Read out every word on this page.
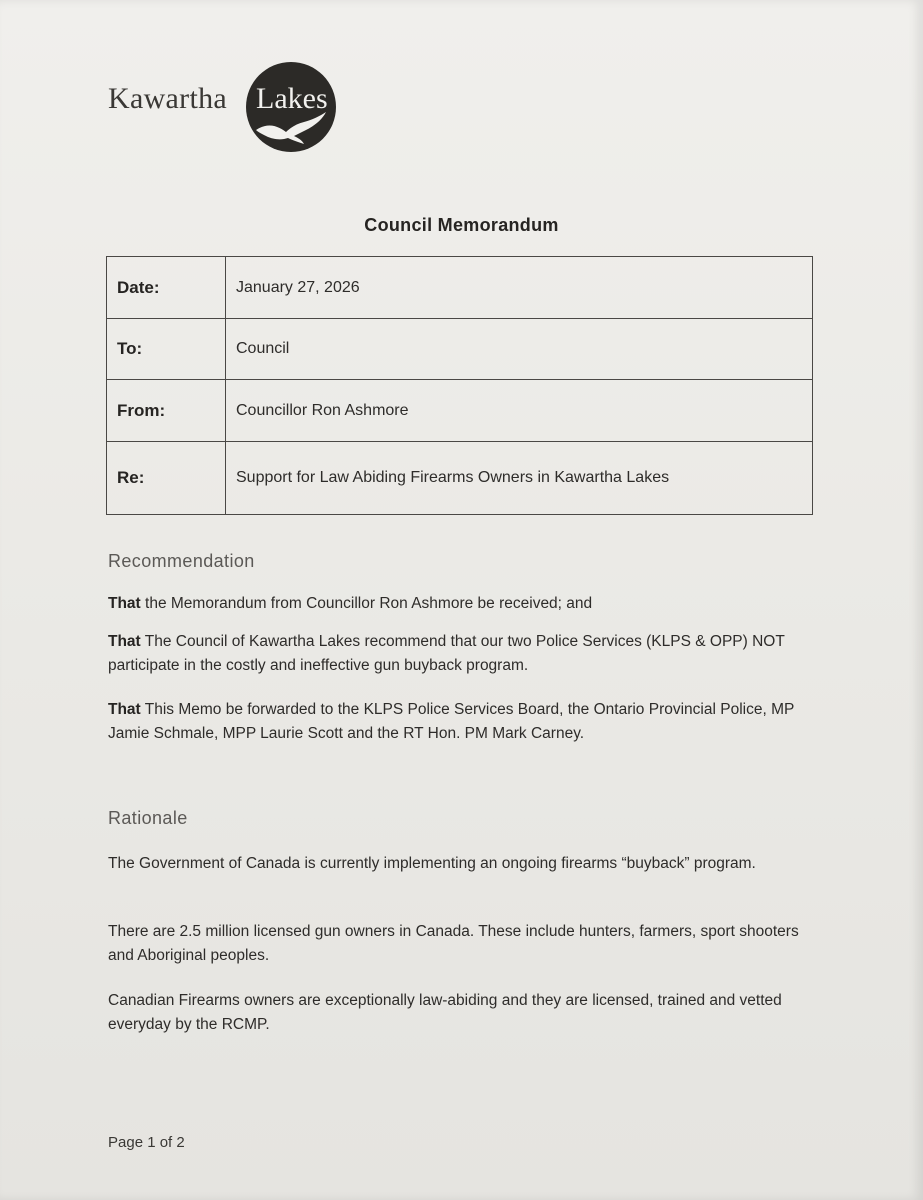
Kawartha Lakes
Council Memorandum
Date:	January 27, 2026
To:	Council
From:	Councillor Ron Ashmore
Re:	Support for Law Abiding Firearms Owners in Kawartha Lakes
Recommendation
That the Memorandum from Councillor Ron Ashmore be received; and
That The Council of Kawartha Lakes recommend that our two Police Services (KLPS & OPP) NOT participate in the costly and ineffective gun buyback program.
That This Memo be forwarded to the KLPS Police Services Board, the Ontario Provincial Police, MP Jamie Schmale, MPP Laurie Scott and the RT Hon. PM Mark Carney.
Rationale
The Government of Canada is currently implementing an ongoing firearms “buyback” program.
There are 2.5 million licensed gun owners in Canada. These include hunters, farmers, sport shooters and Aboriginal peoples.
Canadian Firearms owners are exceptionally law-abiding and they are licensed, trained and vetted everyday by the RCMP.
Page 1 of 2
